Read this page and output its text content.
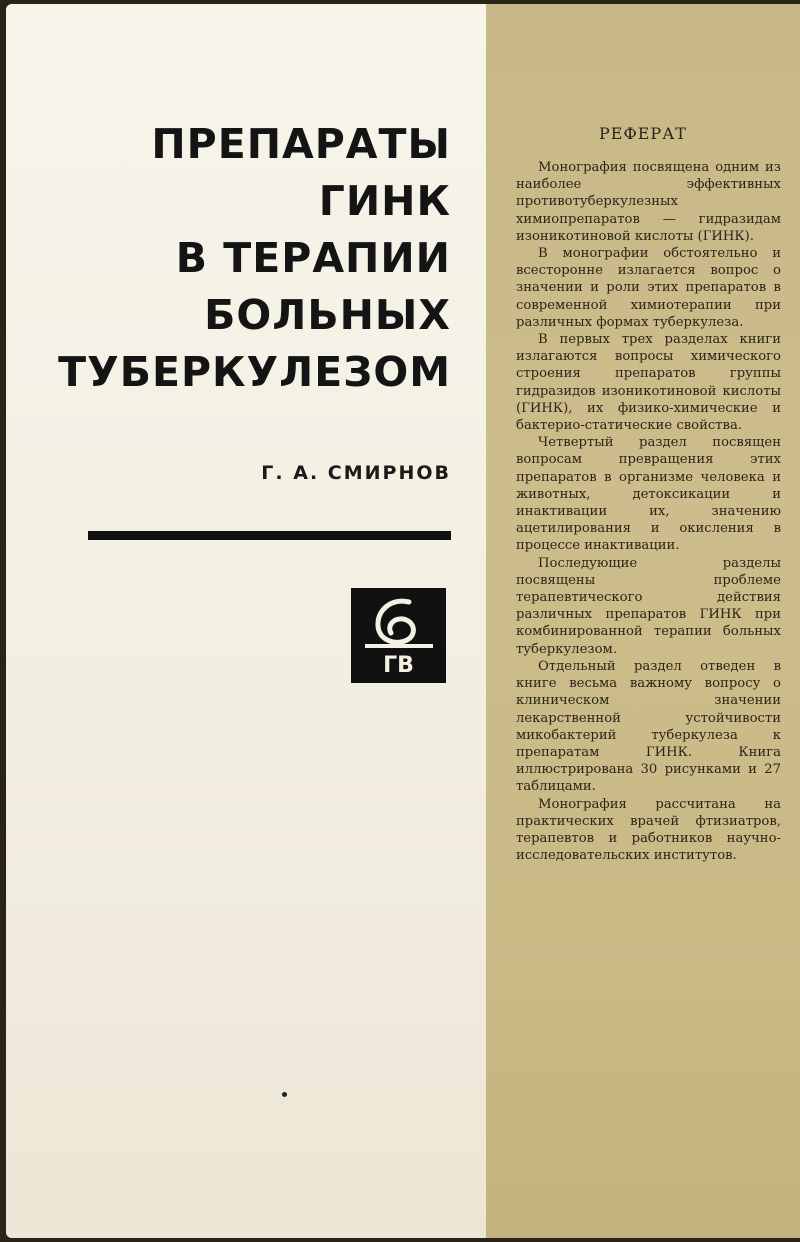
ПРЕПАРАТЫ
ГИНК
В ТЕРАПИИ
БОЛЬНЫХ
ТУБЕРКУЛЕЗОМ
Г. А. СМИРНОВ
ГВ
РЕФЕРАТ

Монография посвящена одним из наиболее эффективных противотуберкулезных химиопрепаратов — гидразидам изоникотиновой кислоты (ГИНК).

В монографии обстоятельно и всесторонне излагается вопрос о значении и роли этих препаратов в современной химиотерапии при различных формах туберкулеза.

В первых трех разделах книги излагаются вопросы химического строения препаратов группы гидразидов изоникотиновой кислоты (ГИНК), их физико-химические и бактерио-статические свойства.

Четвертый раздел посвящен вопросам превращения этих препаратов в организме человека и животных, детоксикации и инактивации их, значению ацетилирования и окисления в процессе инактивации.

Последующие разделы посвящены проблеме терапевтического действия различных препаратов ГИНК при комбинированной терапии больных туберкулезом.

Отдельный раздел отведен в книге весьма важному вопросу о клиническом значении лекарственной устойчивости микобактерий туберкулеза к препаратам ГИНК. Книга иллюстрирована 30 рисунками и 27 таблицами.

Монография рассчитана на практических врачей фтизиатров, терапевтов и работников научно-исследовательских институтов.
